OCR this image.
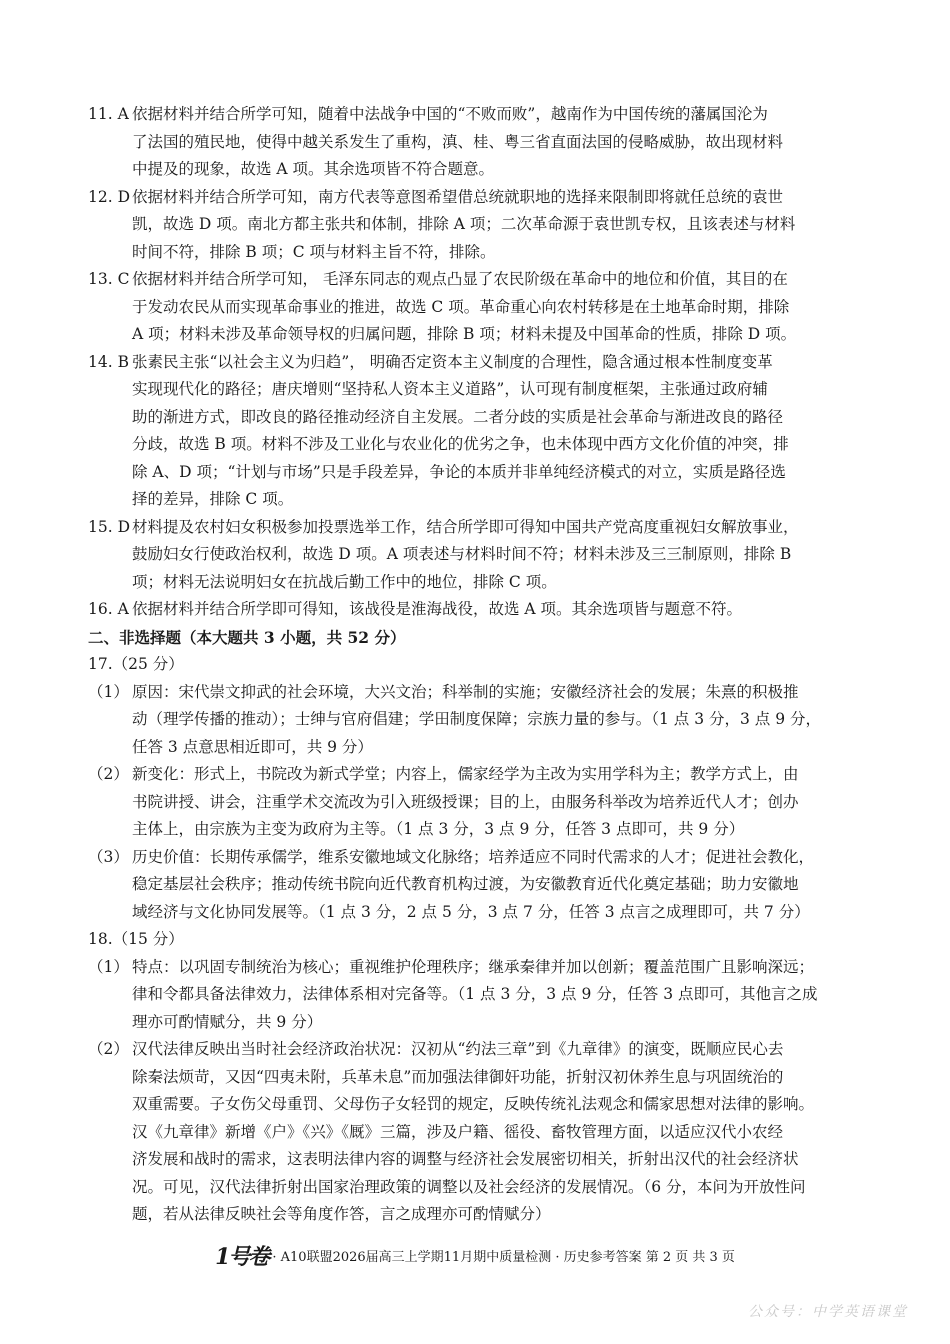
11. A 依据材料并结合所学可知，随着中法战争中国的“不败而败”，越南作为中国传统的藩属国沦为
了法国的殖民地，使得中越关系发生了重构，滇、桂、粤三省直面法国的侵略威胁，故出现材料
中提及的现象，故选 A 项。其余选项皆不符合题意。
12. D 依据材料并结合所学可知，南方代表等意图希望借总统就职地的选择来限制即将就任总统的袁世
凯，故选 D 项。南北方都主张共和体制，排除 A 项；二次革命源于袁世凯专权，且该表述与材料
时间不符，排除 B 项；C 项与材料主旨不符，排除。
13. C 依据材料并结合所学可知， 毛泽东同志的观点凸显了农民阶级在革命中的地位和价值，其目的在
于发动农民从而实现革命事业的推进，故选 C 项。革命重心向农村转移是在土地革命时期，排除
A 项；材料未涉及革命领导权的归属问题，排除 B 项；材料未提及中国革命的性质，排除 D 项。
14. B 张素民主张“以社会主义为归趋”， 明确否定资本主义制度的合理性，隐含通过根本性制度变革
实现现代化的路径；唐庆增则“坚持私人资本主义道路”，认可现有制度框架，主张通过政府辅
助的渐进方式，即改良的路径推动经济自主发展。二者分歧的实质是社会革命与渐进改良的路径
分歧，故选 B 项。材料不涉及工业化与农业化的优劣之争，也未体现中西方文化价值的冲突，排
除 A、D 项；“计划与市场”只是手段差异，争论的本质并非单纯经济模式的对立，实质是路径选
择的差异，排除 C 项。
15. D 材料提及农村妇女积极参加投票选举工作，结合所学即可得知中国共产党高度重视妇女解放事业，
鼓励妇女行使政治权利，故选 D 项。A 项表述与材料时间不符；材料未涉及三三制原则，排除 B
项；材料无法说明妇女在抗战后勤工作中的地位，排除 C 项。
16. A 依据材料并结合所学即可得知，该战役是淮海战役，故选 A 项。其余选项皆与题意不符。
二、非选择题（本大题共 3 小题，共 52 分）
17.（25 分）
（1） 原因：宋代崇文抑武的社会环境，大兴文治；科举制的实施；安徽经济社会的发展；朱熹的积极推
动（理学传播的推动）；士绅与官府倡建；学田制度保障；宗族力量的参与。（1 点 3 分，3 点 9 分，
任答 3 点意思相近即可，共 9 分）
（2） 新变化：形式上，书院改为新式学堂；内容上，儒家经学为主改为实用学科为主；教学方式上，由
书院讲授、讲会，注重学术交流改为引入班级授课；目的上，由服务科举改为培养近代人才；创办
主体上，由宗族为主变为政府为主等。（1 点 3 分，3 点 9 分，任答 3 点即可，共 9 分）
（3） 历史价值：长期传承儒学，维系安徽地域文化脉络；培养适应不同时代需求的人才；促进社会教化，
稳定基层社会秩序；推动传统书院向近代教育机构过渡，为安徽教育近代化奠定基础；助力安徽地
域经济与文化协同发展等。（1 点 3 分，2 点 5 分，3 点 7 分，任答 3 点言之成理即可，共 7 分）
18.（15 分）
（1） 特点：以巩固专制统治为核心；重视维护伦理秩序；继承秦律并加以创新；覆盖范围广且影响深远；
律和令都具备法律效力，法律体系相对完备等。（1 点 3 分，3 点 9 分，任答 3 点即可，其他言之成
理亦可酌情赋分，共 9 分）
（2） 汉代法律反映出当时社会经济政治状况：汉初从“约法三章”到《九章律》的演变，既顺应民心去
除秦法烦苛，又因“四夷未附，兵革未息”而加强法律御奸功能，折射汉初休养生息与巩固统治的
双重需要。子女伤父母重罚、父母伤子女轻罚的规定，反映传统礼法观念和儒家思想对法律的影响。
汉《九章律》新增《户》《兴》《厩》三篇，涉及户籍、徭役、畜牧管理方面，以适应汉代小农经
济发展和战时的需求，这表明法律内容的调整与经济社会发展密切相关，折射出汉代的社会经济状
况。可见，汉代法律折射出国家治理政策的调整以及社会经济的发展情况。（6 分，本问为开放性问
题，若从法律反映社会等角度作答，言之成理亦可酌情赋分）
1号卷 · A10联盟2026届高三上学期11月期中质量检测 · 历史参考答案 第 2 页 共 3 页
公众号：中学英语课堂
